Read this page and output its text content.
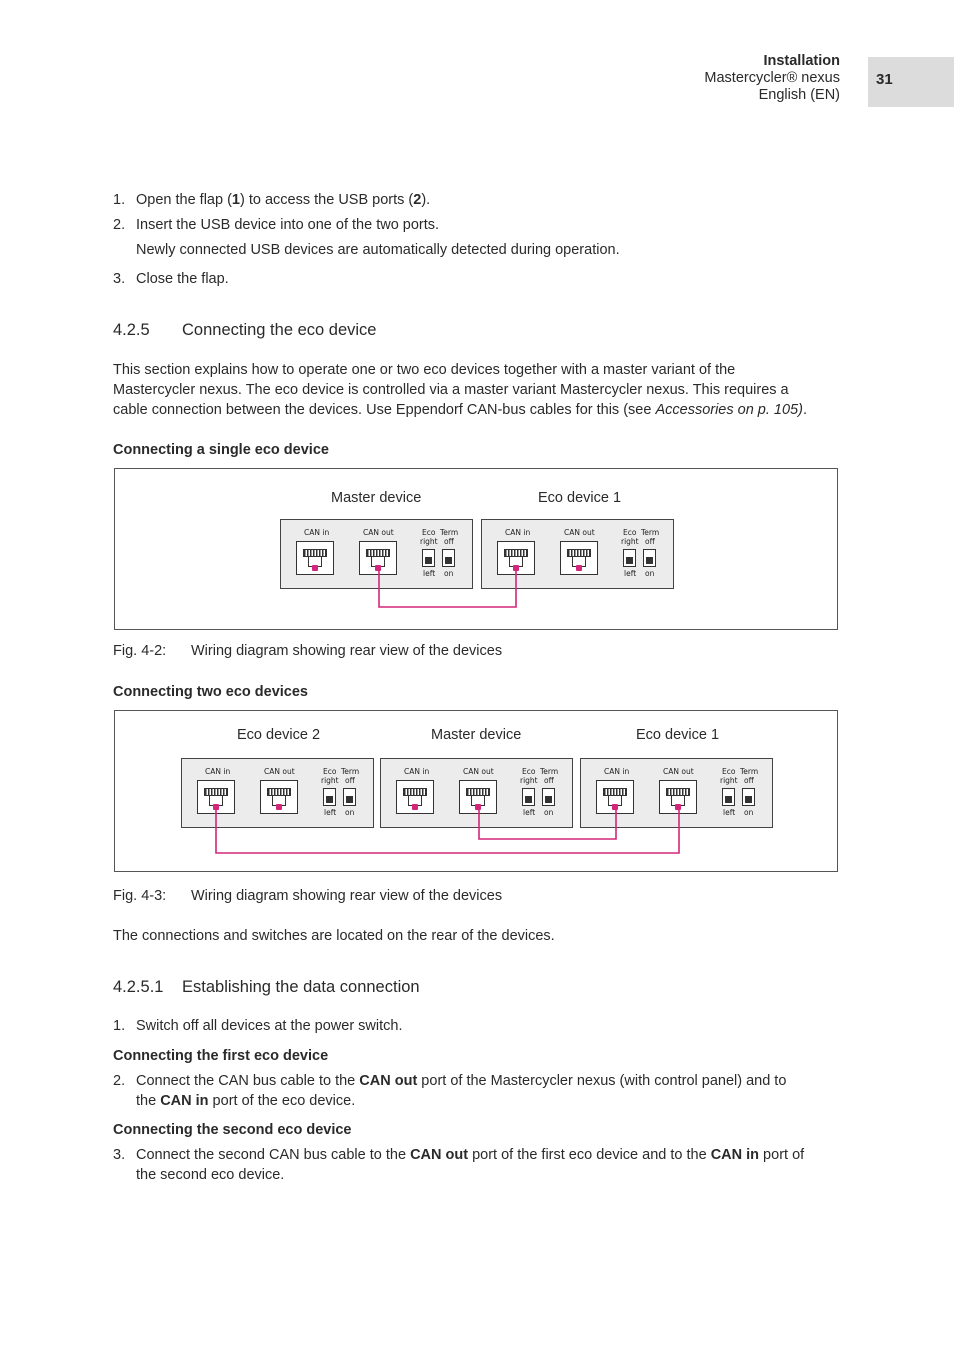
Installation
Mastercycler® nexus
English (EN)
31
1. Open the flap (1) to access the USB ports (2).
2. Insert the USB device into one of the two ports.
Newly connected USB devices are automatically detected during operation.
3. Close the flap.
4.2.5 Connecting the eco device
This section explains how to operate one or two eco devices together with a master variant of the
Mastercycler nexus. The eco device is controlled via a master variant Mastercycler nexus. This requires a
cable connection between the devices. Use Eppendorf CAN-bus cables for this (see Accessories on p. 105).
Connecting a single eco device
Master device	Eco device 1
CAN in	CAN out	Eco Term
right off
left on
CAN in	CAN out	Eco Term
right off
left on
Fig. 4-2: Wiring diagram showing rear view of the devices
Connecting two eco devices
Eco device 2	Master device	Eco device 1
CAN in	CAN out	Eco Term
right off
left on
CAN in	CAN out	Eco Term
right off
left on
CAN in	CAN out	Eco Term
right off
left on
Fig. 4-3: Wiring diagram showing rear view of the devices
The connections and switches are located on the rear of the devices.
4.2.5.1 Establishing the data connection
1. Switch off all devices at the power switch.
Connecting the first eco device
2. Connect the CAN bus cable to the CAN out port of the Mastercycler nexus (with control panel) and to
the CAN in port of the eco device.
Connecting the second eco device
3. Connect the second CAN bus cable to the CAN out port of the first eco device and to the CAN in port of
the second eco device.
